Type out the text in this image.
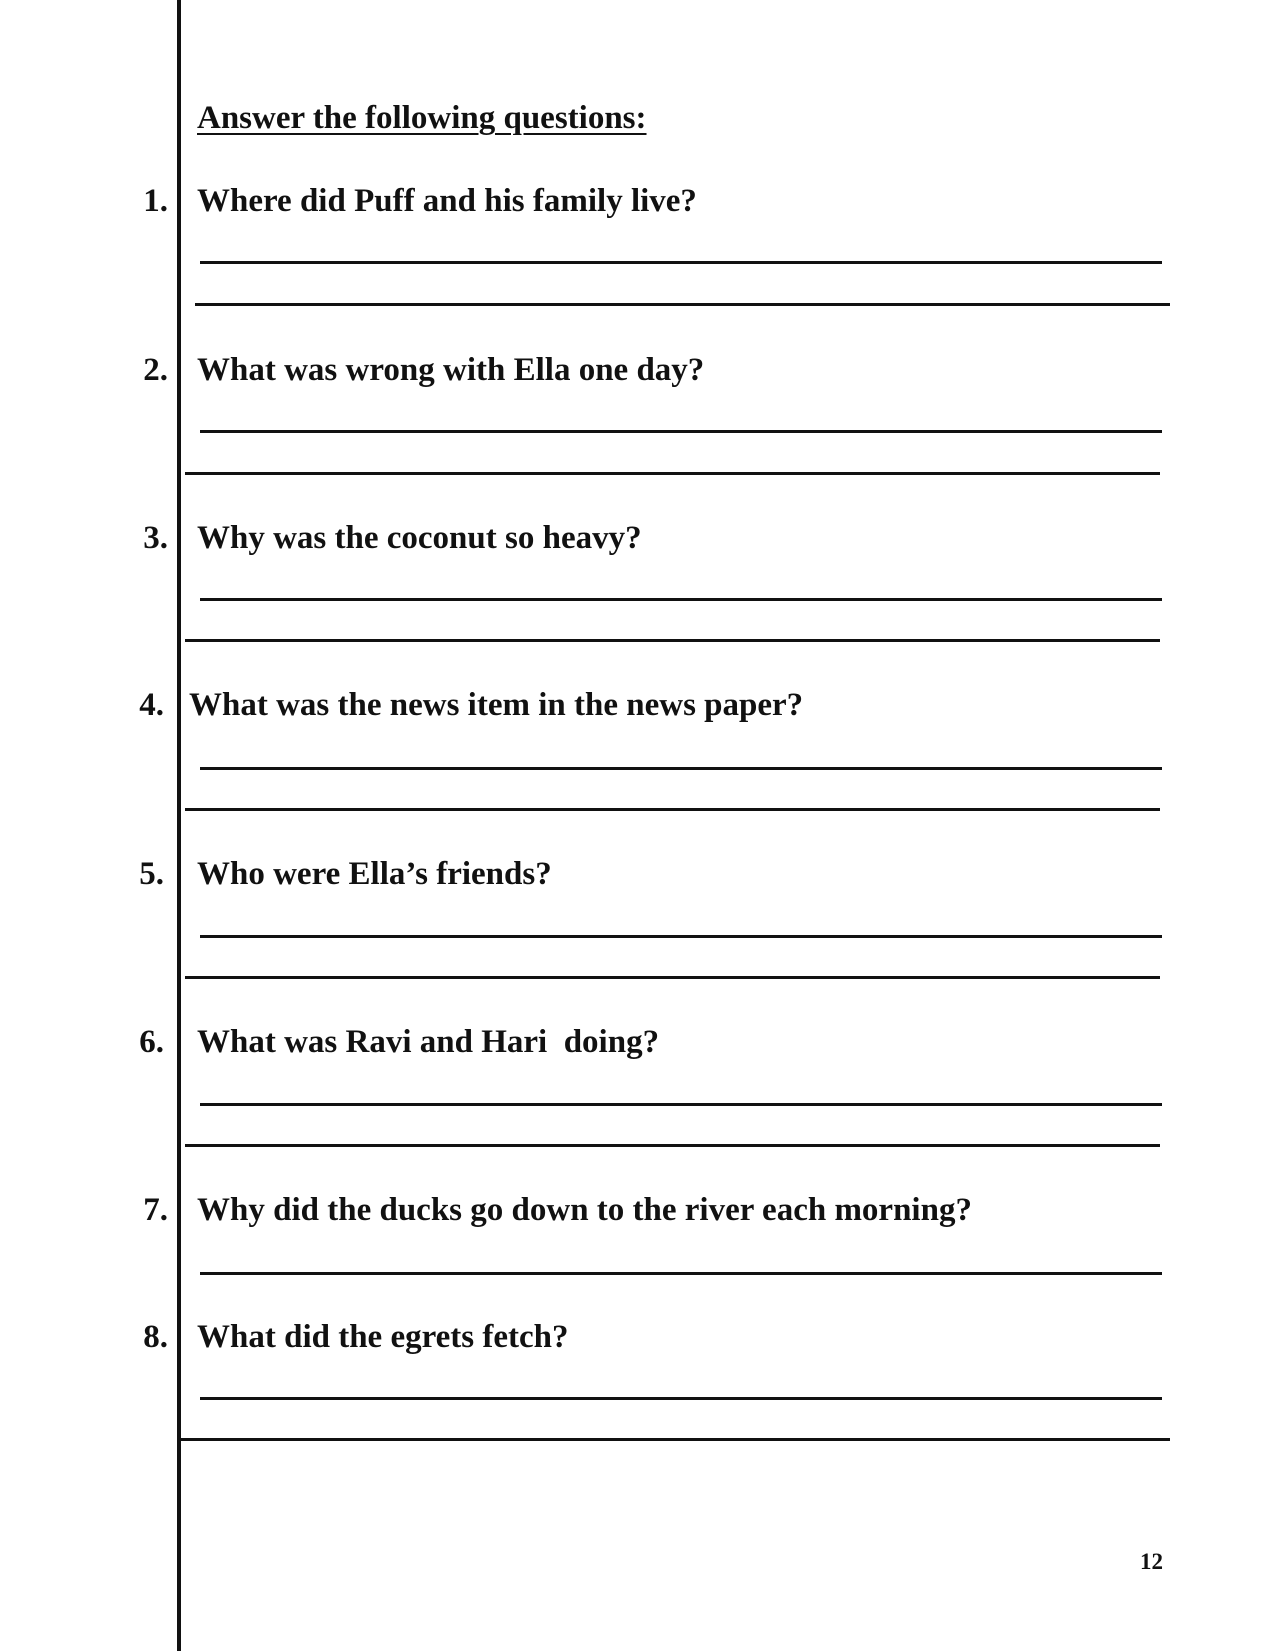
Answer the following questions:
1. Where did Puff and his family live?
2. What was wrong with Ella one day?
3. Why was the coconut so heavy?
4. What was the news item in the news paper?
5. Who were Ella’s friends?
6. What was Ravi and Hari  doing?
7. Why did the ducks go down to the river each morning?
8. What did the egrets fetch?
12
